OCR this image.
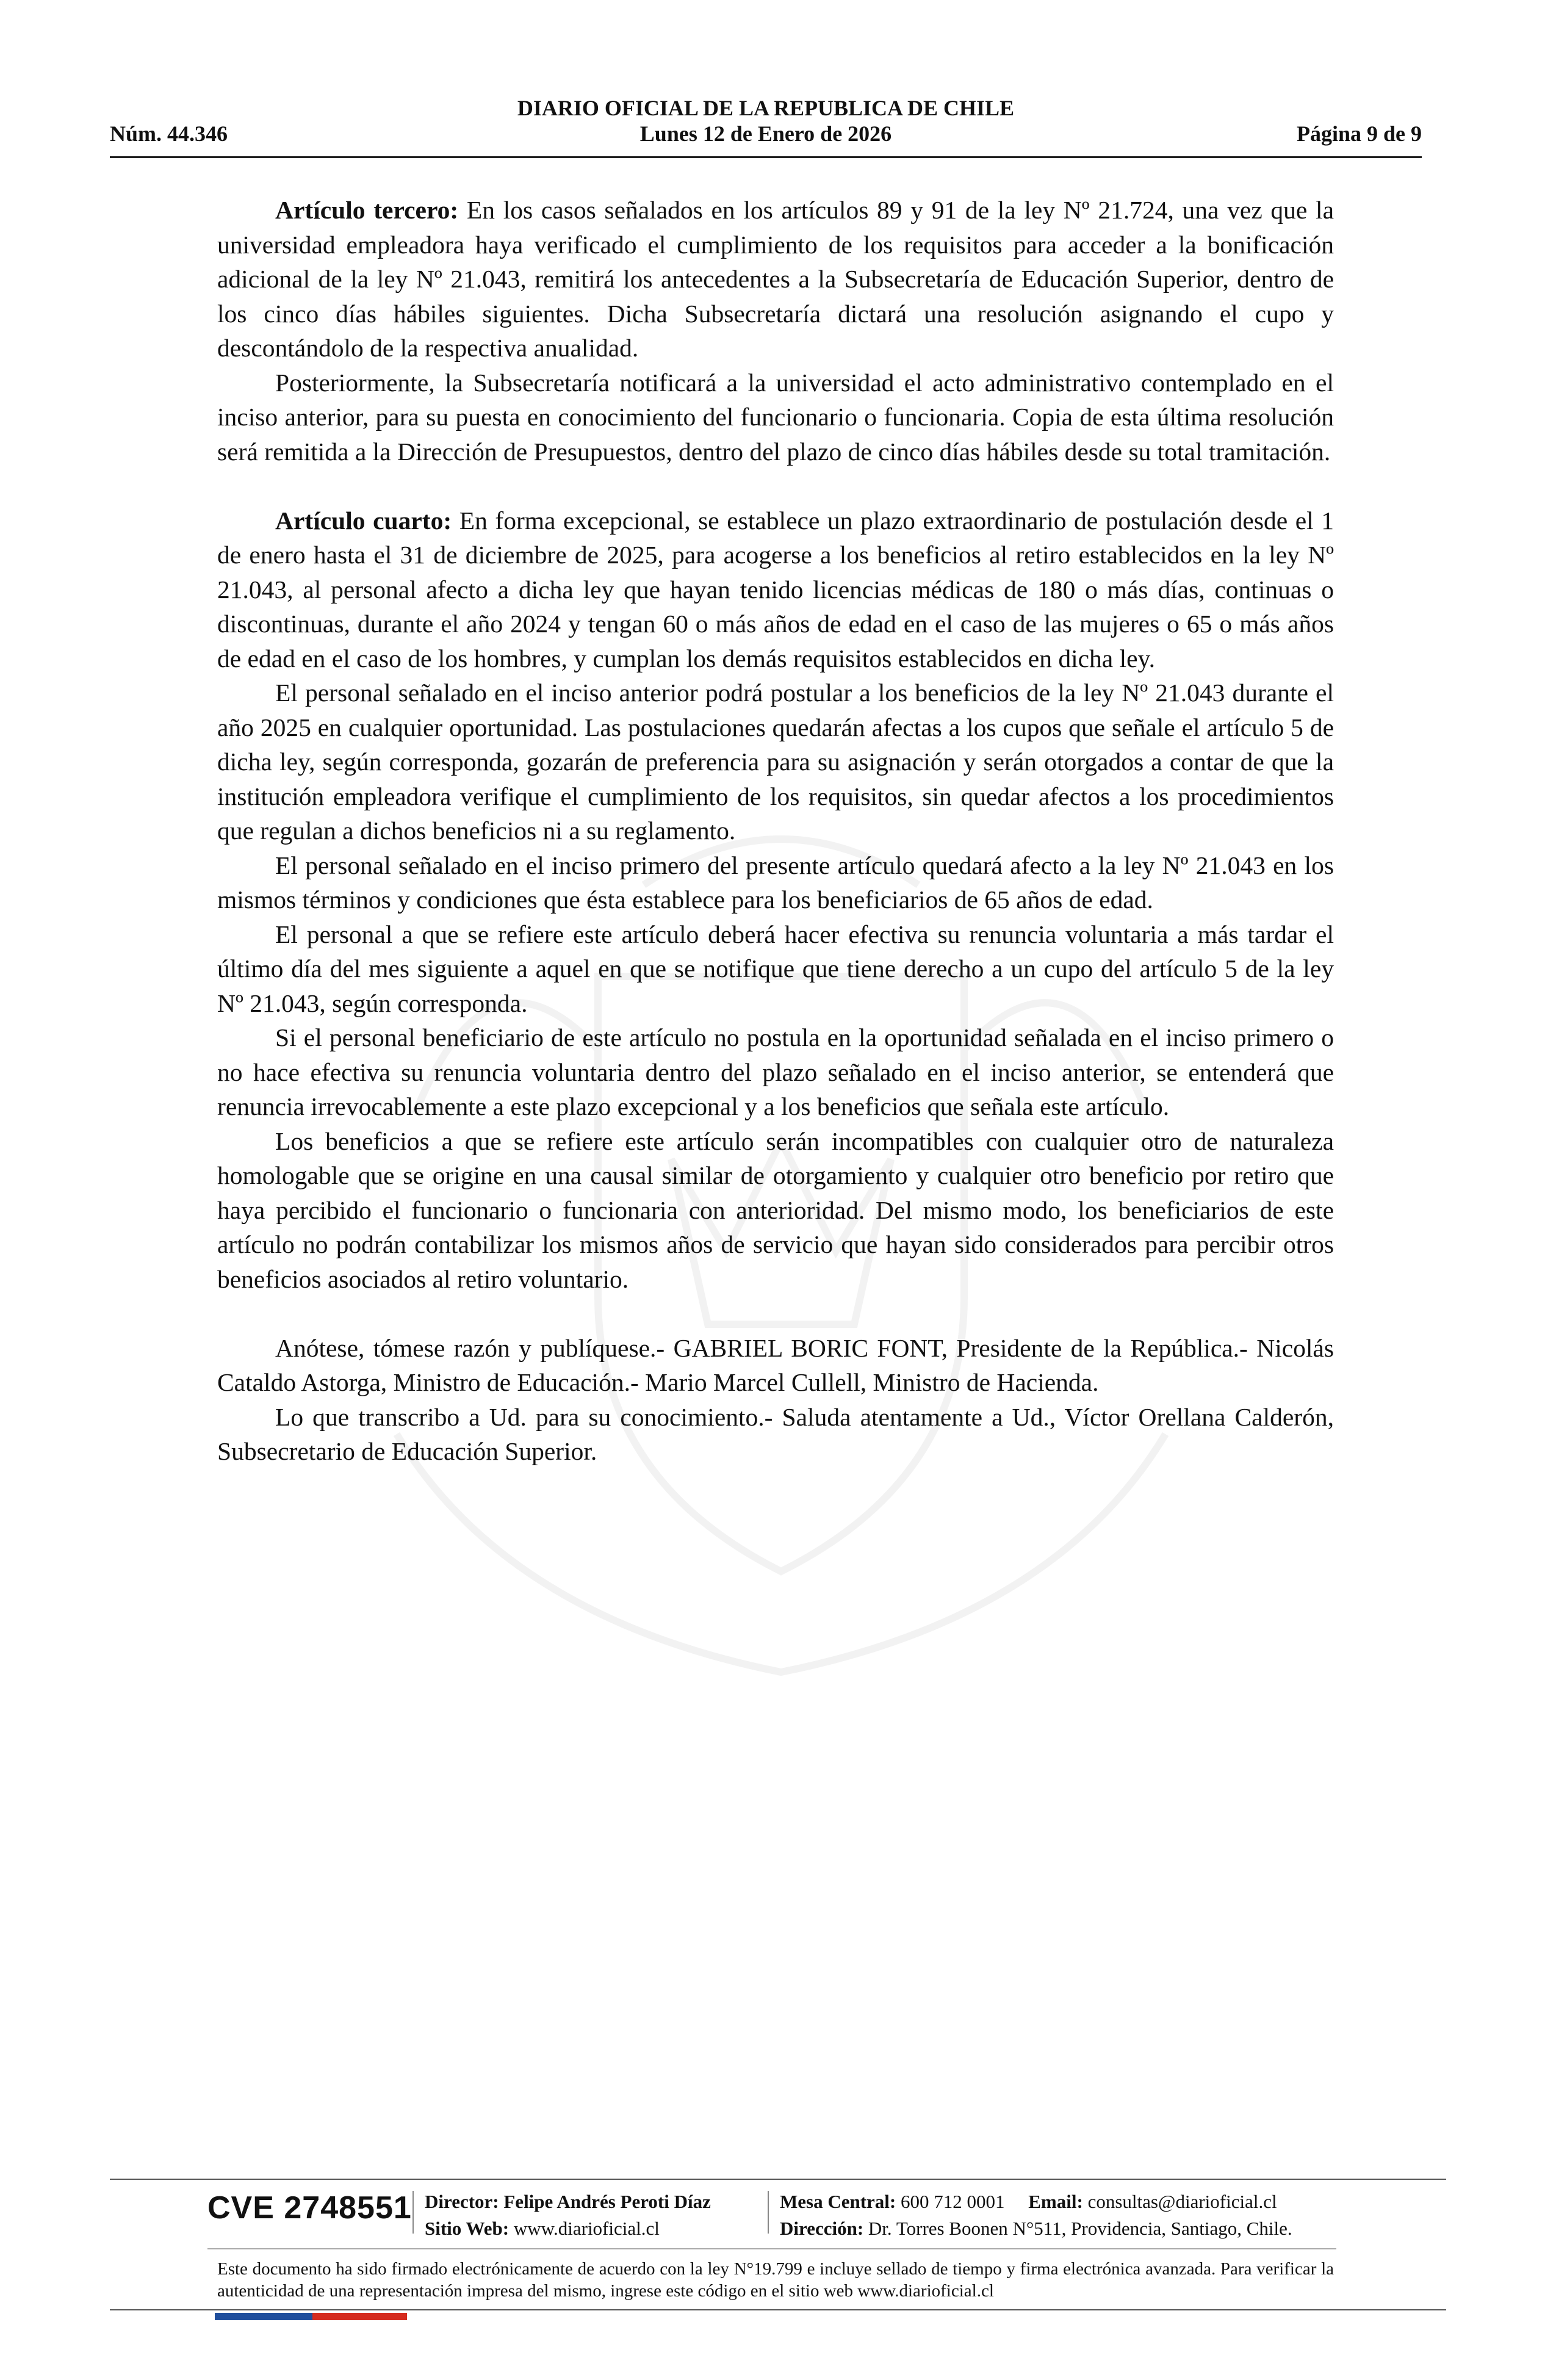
DIARIO OFICIAL DE LA REPUBLICA DE CHILE
Núm. 44.346	Lunes 12 de Enero de 2026	Página 9 de 9

Artículo tercero: En los casos señalados en los artículos 89 y 91 de la ley Nº 21.724, una vez que la universidad empleadora haya verificado el cumplimiento de los requisitos para acceder a la bonificación adicional de la ley Nº 21.043, remitirá los antecedentes a la Subsecretaría de Educación Superior, dentro de los cinco días hábiles siguientes. Dicha Subsecretaría dictará una resolución asignando el cupo y descontándolo de la respectiva anualidad.

Posteriormente, la Subsecretaría notificará a la universidad el acto administrativo contemplado en el inciso anterior, para su puesta en conocimiento del funcionario o funcionaria. Copia de esta última resolución será remitida a la Dirección de Presupuestos, dentro del plazo de cinco días hábiles desde su total tramitación.

Artículo cuarto: En forma excepcional, se establece un plazo extraordinario de postulación desde el 1 de enero hasta el 31 de diciembre de 2025, para acogerse a los beneficios al retiro establecidos en la ley Nº 21.043, al personal afecto a dicha ley que hayan tenido licencias médicas de 180 o más días, continuas o discontinuas, durante el año 2024 y tengan 60 o más años de edad en el caso de las mujeres o 65 o más años de edad en el caso de los hombres, y cumplan los demás requisitos establecidos en dicha ley.

El personal señalado en el inciso anterior podrá postular a los beneficios de la ley Nº 21.043 durante el año 2025 en cualquier oportunidad. Las postulaciones quedarán afectas a los cupos que señale el artículo 5 de dicha ley, según corresponda, gozarán de preferencia para su asignación y serán otorgados a contar de que la institución empleadora verifique el cumplimiento de los requisitos, sin quedar afectos a los procedimientos que regulan a dichos beneficios ni a su reglamento.

El personal señalado en el inciso primero del presente artículo quedará afecto a la ley Nº 21.043 en los mismos términos y condiciones que ésta establece para los beneficiarios de 65 años de edad.

El personal a que se refiere este artículo deberá hacer efectiva su renuncia voluntaria a más tardar el último día del mes siguiente a aquel en que se notifique que tiene derecho a un cupo del artículo 5 de la ley Nº 21.043, según corresponda.

Si el personal beneficiario de este artículo no postula en la oportunidad señalada en el inciso primero o no hace efectiva su renuncia voluntaria dentro del plazo señalado en el inciso anterior, se entenderá que renuncia irrevocablemente a este plazo excepcional y a los beneficios que señala este artículo.

Los beneficios a que se refiere este artículo serán incompatibles con cualquier otro de naturaleza homologable que se origine en una causal similar de otorgamiento y cualquier otro beneficio por retiro que haya percibido el funcionario o funcionaria con anterioridad. Del mismo modo, los beneficiarios de este artículo no podrán contabilizar los mismos años de servicio que hayan sido considerados para percibir otros beneficios asociados al retiro voluntario.

Anótese, tómese razón y publíquese.- GABRIEL BORIC FONT, Presidente de la República.- Nicolás Cataldo Astorga, Ministro de Educación.- Mario Marcel Cullell, Ministro de Hacienda.

Lo que transcribo a Ud. para su conocimiento.- Saluda atentamente a Ud., Víctor Orellana Calderón, Subsecretario de Educación Superior.

CVE 2748551 Director: Felipe Andrés Peroti Díaz
Sitio Web: www.diarioficial.cl
Mesa Central: 600 712 0001 Email: consultas@diarioficial.cl
Dirección: Dr. Torres Boonen N°511, Providencia, Santiago, Chile.
Este documento ha sido firmado electrónicamente de acuerdo con la ley N°19.799 e incluye sellado de tiempo y firma electrónica avanzada. Para verificar la autenticidad de una representación impresa del mismo, ingrese este código en el sitio web www.diarioficial.cl
